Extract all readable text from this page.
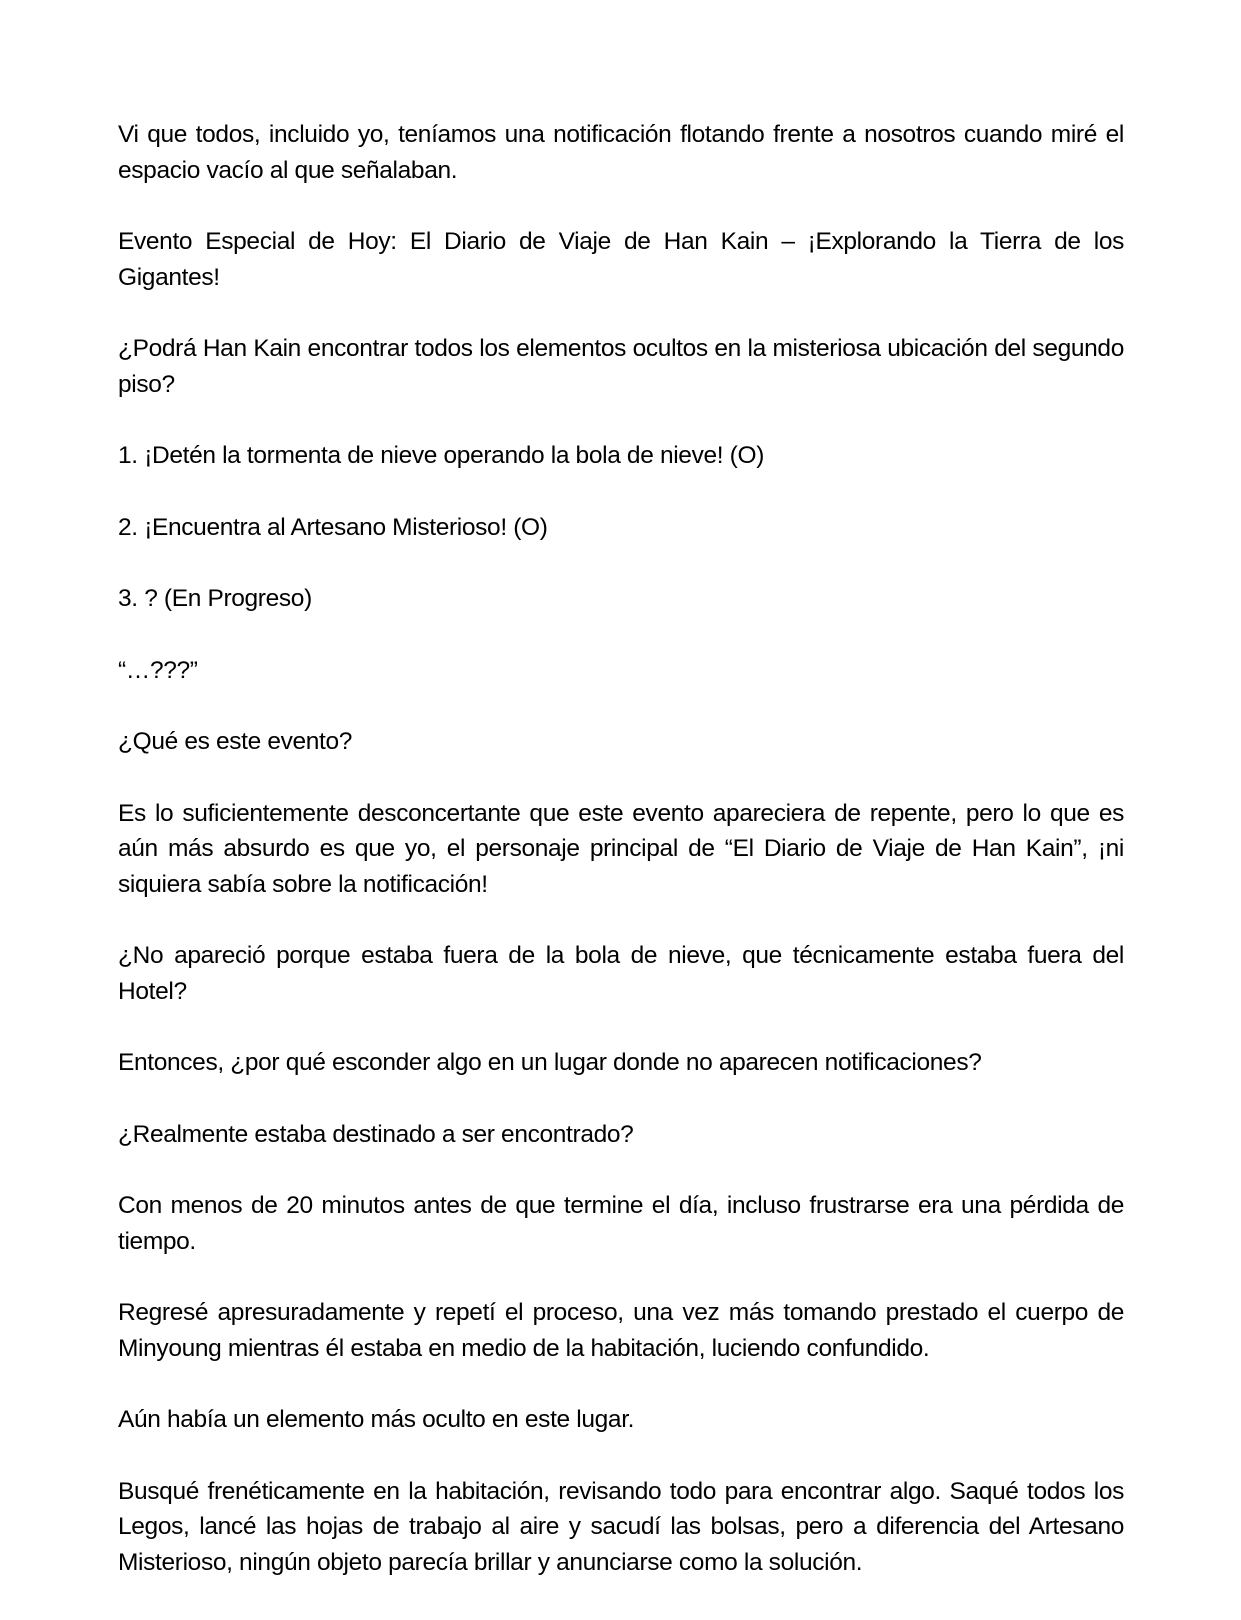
Vi que todos, incluido yo, teníamos una notificación flotando frente a nosotros cuando miré el espacio vacío al que señalaban.

Evento Especial de Hoy: El Diario de Viaje de Han Kain – ¡Explorando la Tierra de los Gigantes!

¿Podrá Han Kain encontrar todos los elementos ocultos en la misteriosa ubicación del segundo piso?

1. ¡Detén la tormenta de nieve operando la bola de nieve! (O)

2. ¡Encuentra al Artesano Misterioso! (O)

3. ? (En Progreso)

“…???”

¿Qué es este evento?

Es lo suficientemente desconcertante que este evento apareciera de repente, pero lo que es aún más absurdo es que yo, el personaje principal de “El Diario de Viaje de Han Kain”, ¡ni siquiera sabía sobre la notificación!

¿No apareció porque estaba fuera de la bola de nieve, que técnicamente estaba fuera del Hotel?

Entonces, ¿por qué esconder algo en un lugar donde no aparecen notificaciones?

¿Realmente estaba destinado a ser encontrado?

Con menos de 20 minutos antes de que termine el día, incluso frustrarse era una pérdida de tiempo.

Regresé apresuradamente y repetí el proceso, una vez más tomando prestado el cuerpo de Minyoung mientras él estaba en medio de la habitación, luciendo confundido.

Aún había un elemento más oculto en este lugar.

Busqué frenéticamente en la habitación, revisando todo para encontrar algo. Saqué todos los Legos, lancé las hojas de trabajo al aire y sacudí las bolsas, pero a diferencia del Artesano Misterioso, ningún objeto parecía brillar y anunciarse como la solución.
